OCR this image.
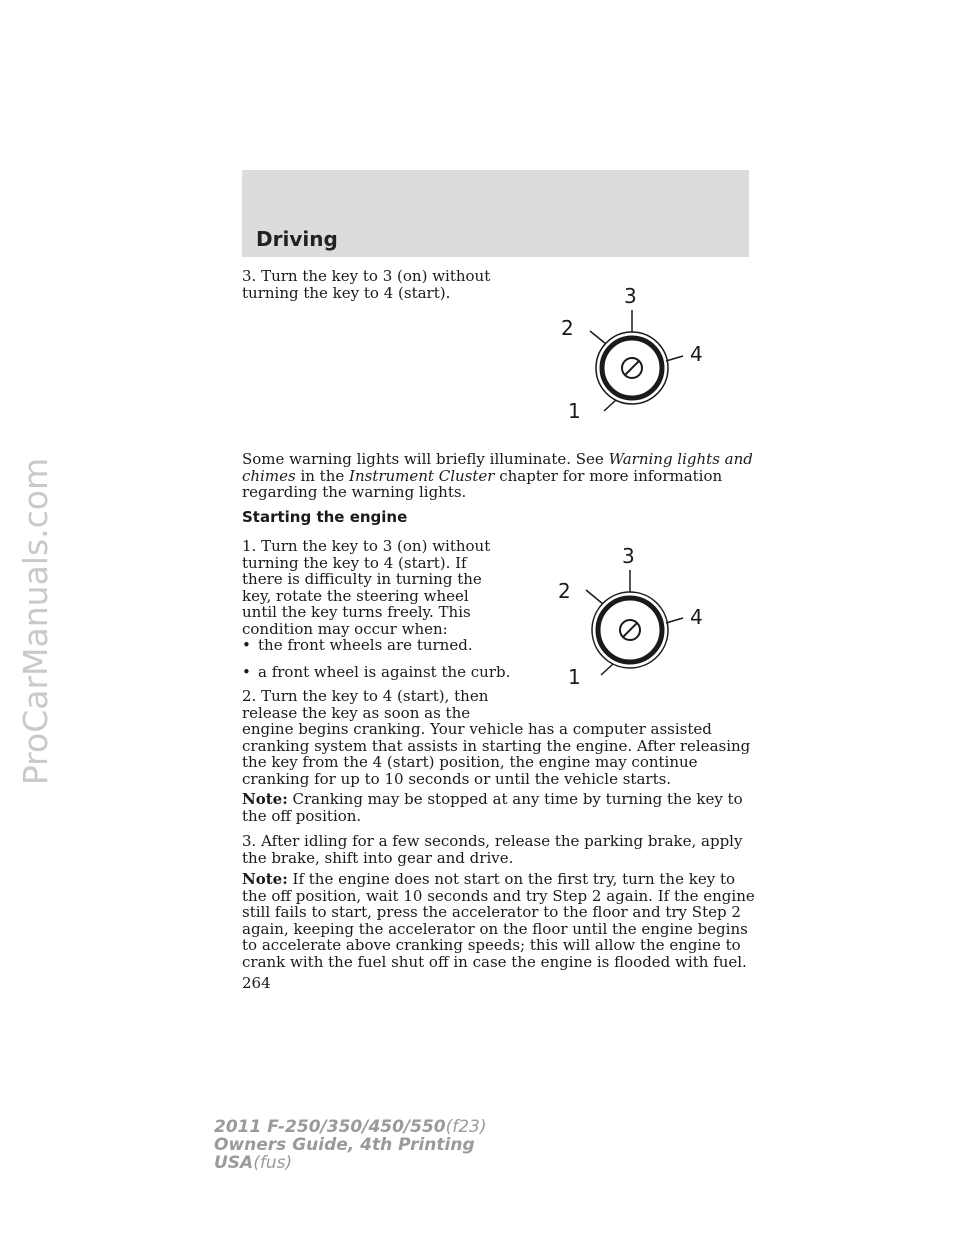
ProCarManuals.com
Driving

3. Turn the key to 3 (on) without turning the key to 4 (start).	3
2
4
1

Some warning lights will briefly illuminate. See Warning lights and chimes in the Instrument Cluster chapter for more information regarding the warning lights.

Starting the engine

1. Turn the key to 3 (on) without turning the key to 4 (start). If there is difficulty in turning the key, rotate the steering wheel until the key turns freely. This condition may occur when:

• the front wheels are turned.
• a front wheel is against the curb.
3
2
4
1

2. Turn the key to 4 (start), then release the key as soon as the

engine begins cranking. Your vehicle has a computer assisted cranking system that assists in starting the engine. After releasing the key from the 4 (start) position, the engine may continue cranking for up to 10 seconds or until the vehicle starts.

Note: Cranking may be stopped at any time by turning the key to the off position.

3. After idling for a few seconds, release the parking brake, apply the brake, shift into gear and drive.

Note: If the engine does not start on the first try, turn the key to the off position, wait 10 seconds and try Step 2 again. If the engine still fails to start, press the accelerator to the floor and try Step 2 again, keeping the accelerator on the floor until the engine begins to accelerate above cranking speeds; this will allow the engine to crank with the fuel shut off in case the engine is flooded with fuel.

264
2011 F-250/350/450/550(f23)
Owners Guide, 4th Printing
USA(fus)
